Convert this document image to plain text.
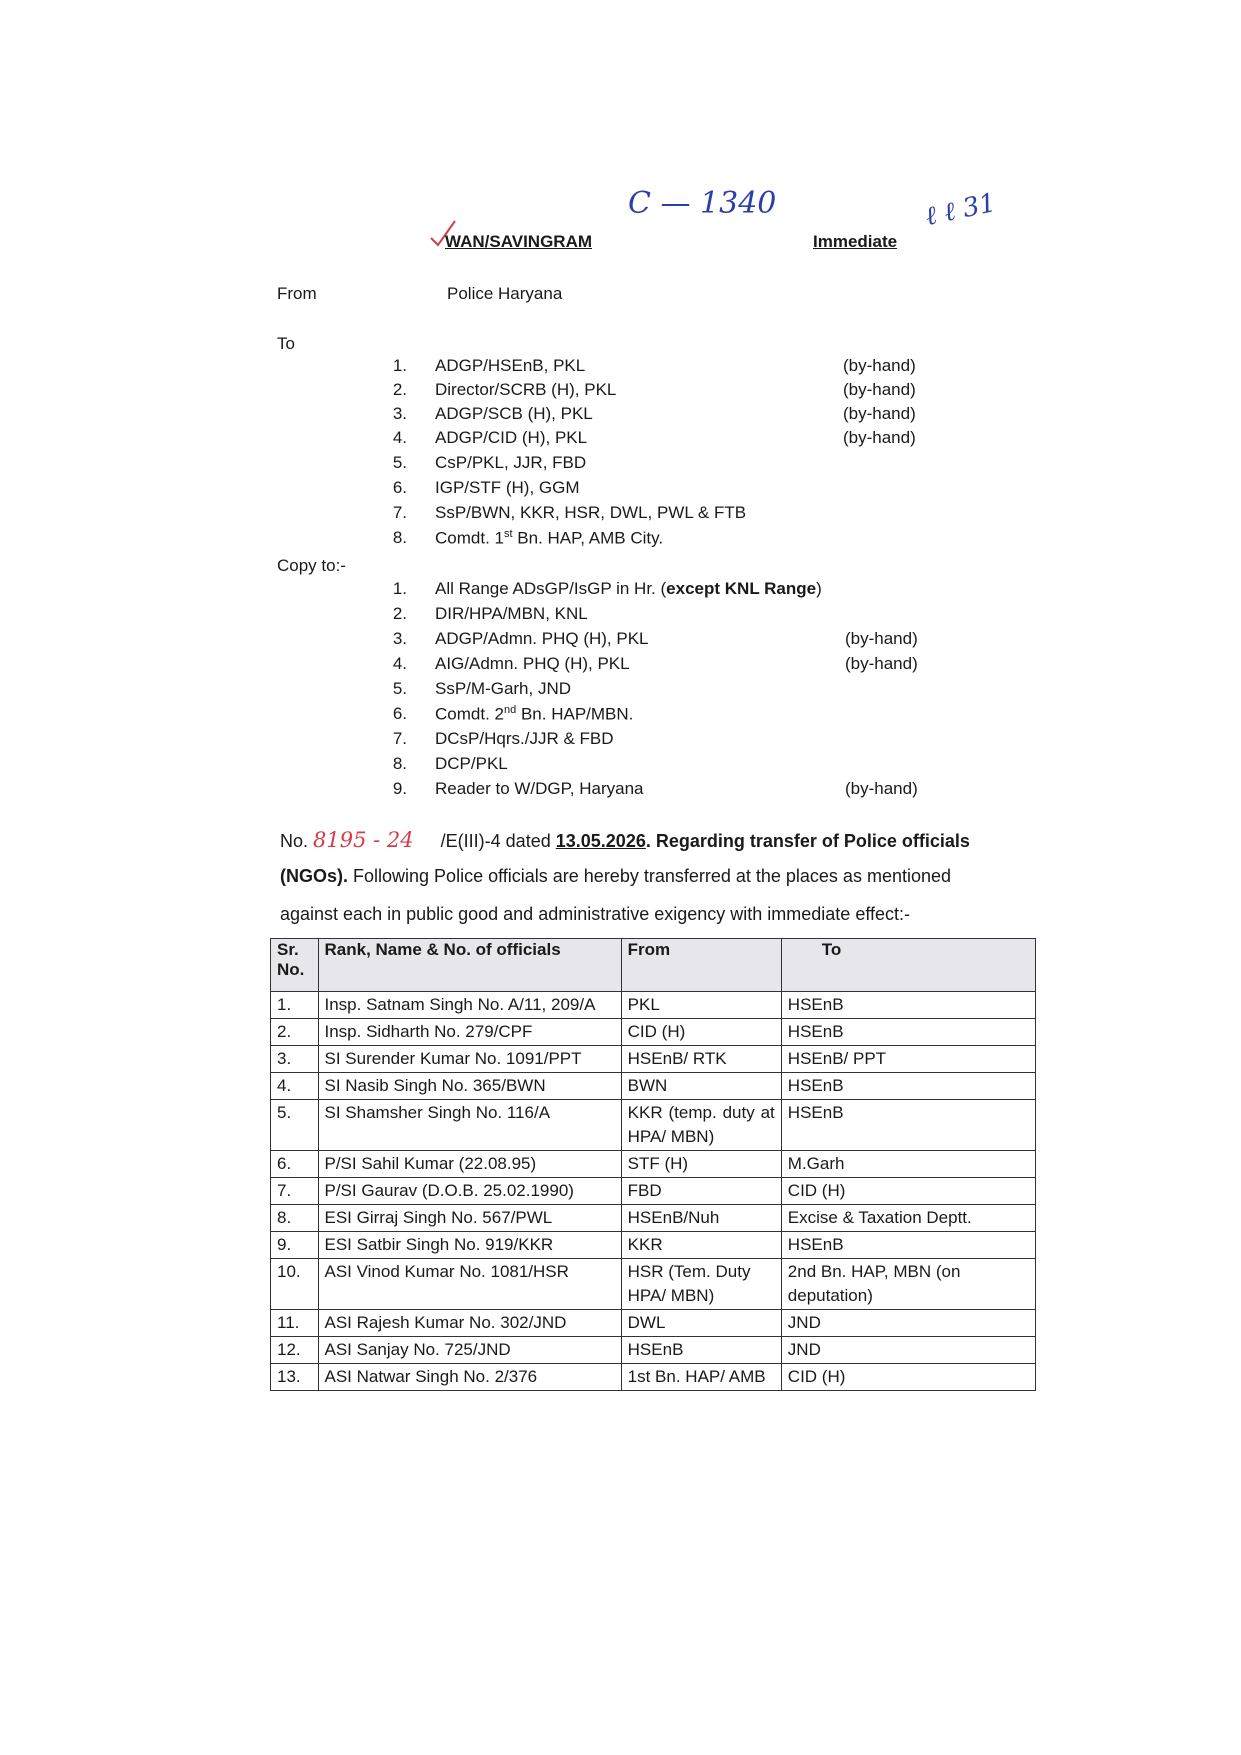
C — 1340	ℓ ℓ 31
WAN/SAVINGRAM	Immediate
From	Police Haryana
To
1. ADGP/HSEnB, PKL	(by-hand)
2. Director/SCRB (H), PKL	(by-hand)
3. ADGP/SCB (H), PKL	(by-hand)
4. ADGP/CID (H), PKL	(by-hand)
5. CsP/PKL, JJR, FBD
6. IGP/STF (H), GGM
7. SsP/BWN, KKR, HSR, DWL, PWL & FTB
8. Comdt. 1st Bn. HAP, AMB City.
Copy to:-
1. All Range ADsGP/IsGP in Hr. (except KNL Range)
2. DIR/HPA/MBN, KNL
3. ADGP/Admn. PHQ (H), PKL	(by-hand)
4. AIG/Admn. PHQ (H), PKL	(by-hand)
5. SsP/M-Garh, JND
6. Comdt. 2nd Bn. HAP/MBN.
7. DCsP/Hqrs./JJR & FBD
8. DCP/PKL
9. Reader to W/DGP, Haryana	(by-hand)
No. 8195 - 24 /E(III)-4 dated 13.05.2026. Regarding transfer of Police officials
(NGOs). Following Police officials are hereby transferred at the places as mentioned
against each in public good and administrative exigency with immediate effect:-
Sr. No.	Rank, Name & No. of officials	From	To
1.	Insp. Satnam Singh No. A/11, 209/A	PKL	HSEnB
2.	Insp. Sidharth No. 279/CPF	CID (H)	HSEnB
3.	SI Surender Kumar No. 1091/PPT	HSEnB/ RTK	HSEnB/ PPT
4.	SI Nasib Singh No. 365/BWN	BWN	HSEnB
5.	SI Shamsher Singh No. 116/A	KKR (temp. duty at HPA/ MBN)	HSEnB
6.	P/SI Sahil Kumar (22.08.95)	STF (H)	M.Garh
7.	P/SI Gaurav (D.O.B. 25.02.1990)	FBD	CID (H)
8.	ESI Girraj Singh No. 567/PWL	HSEnB/Nuh	Excise & Taxation Deptt.
9.	ESI Satbir Singh No. 919/KKR	KKR	HSEnB
10.	ASI Vinod Kumar No. 1081/HSR	HSR (Tem. Duty HPA/ MBN)	2nd Bn. HAP, MBN (on deputation)
11.	ASI Rajesh Kumar No. 302/JND	DWL	JND
12.	ASI Sanjay No. 725/JND	HSEnB	JND
13.	ASI Natwar Singh No. 2/376	1st Bn. HAP/ AMB	CID (H)
